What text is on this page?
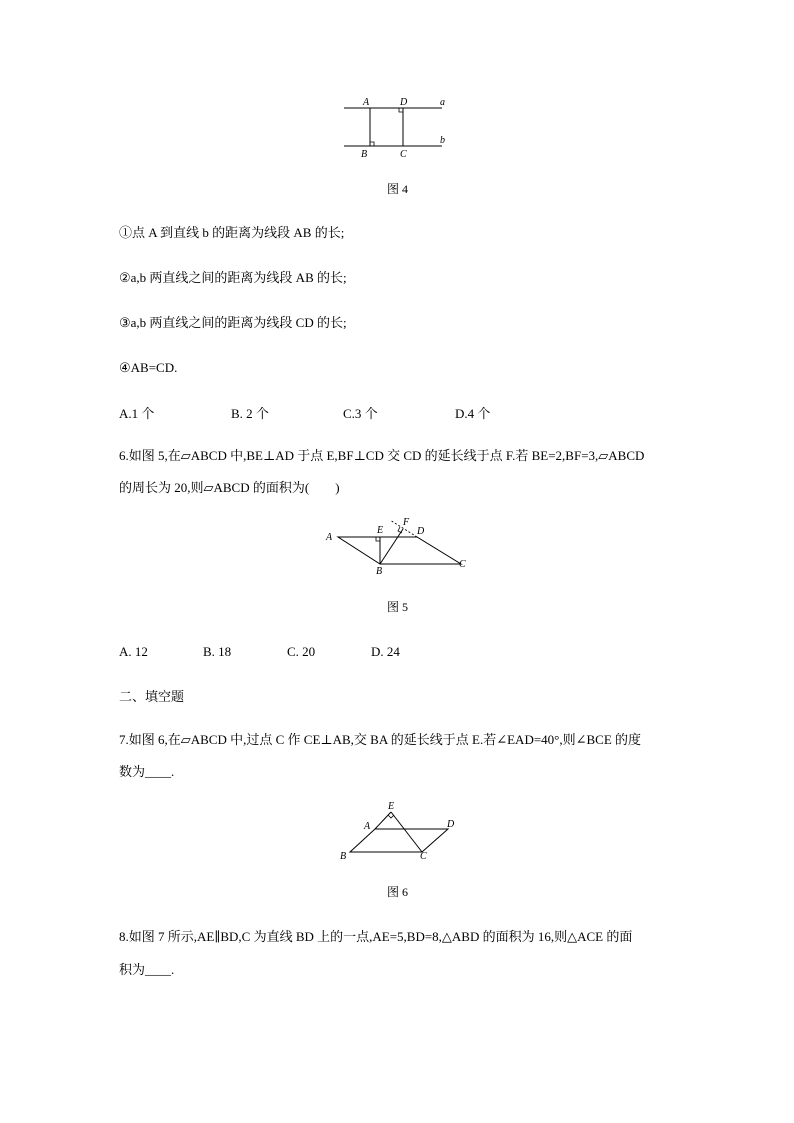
A	D	a
b
B	C
图 4
①点 A 到直线 b 的距离为线段 AB 的长;
②a,b 两直线之间的距离为线段 AB 的长;
③a,b 两直线之间的距离为线段 CD 的长;
④AB=CD.
A.1 个	B. 2 个	C.3 个	D.4 个
6.如图 5,在▱ABCD 中,BE⊥AD 于点 E,BF⊥CD 交 CD 的延长线于点 F.若 BE=2,BF=3,▱ABCD
的周长为 20,则▱ABCD 的面积为(　　)
A
E
F
D
B
C
图 5
A. 12	B. 18	C. 20	D. 24
二、填空题
7.如图 6,在▱ABCD 中,过点 C 作 CE⊥AB,交 BA 的延长线于点 E.若∠EAD=40°,则∠BCE 的度
数为____.
E
A	D
B	C
图 6
8.如图 7 所示,AE∥BD,C 为直线 BD 上的一点,AE=5,BD=8,△ABD 的面积为 16,则△ACE 的面
积为____.
